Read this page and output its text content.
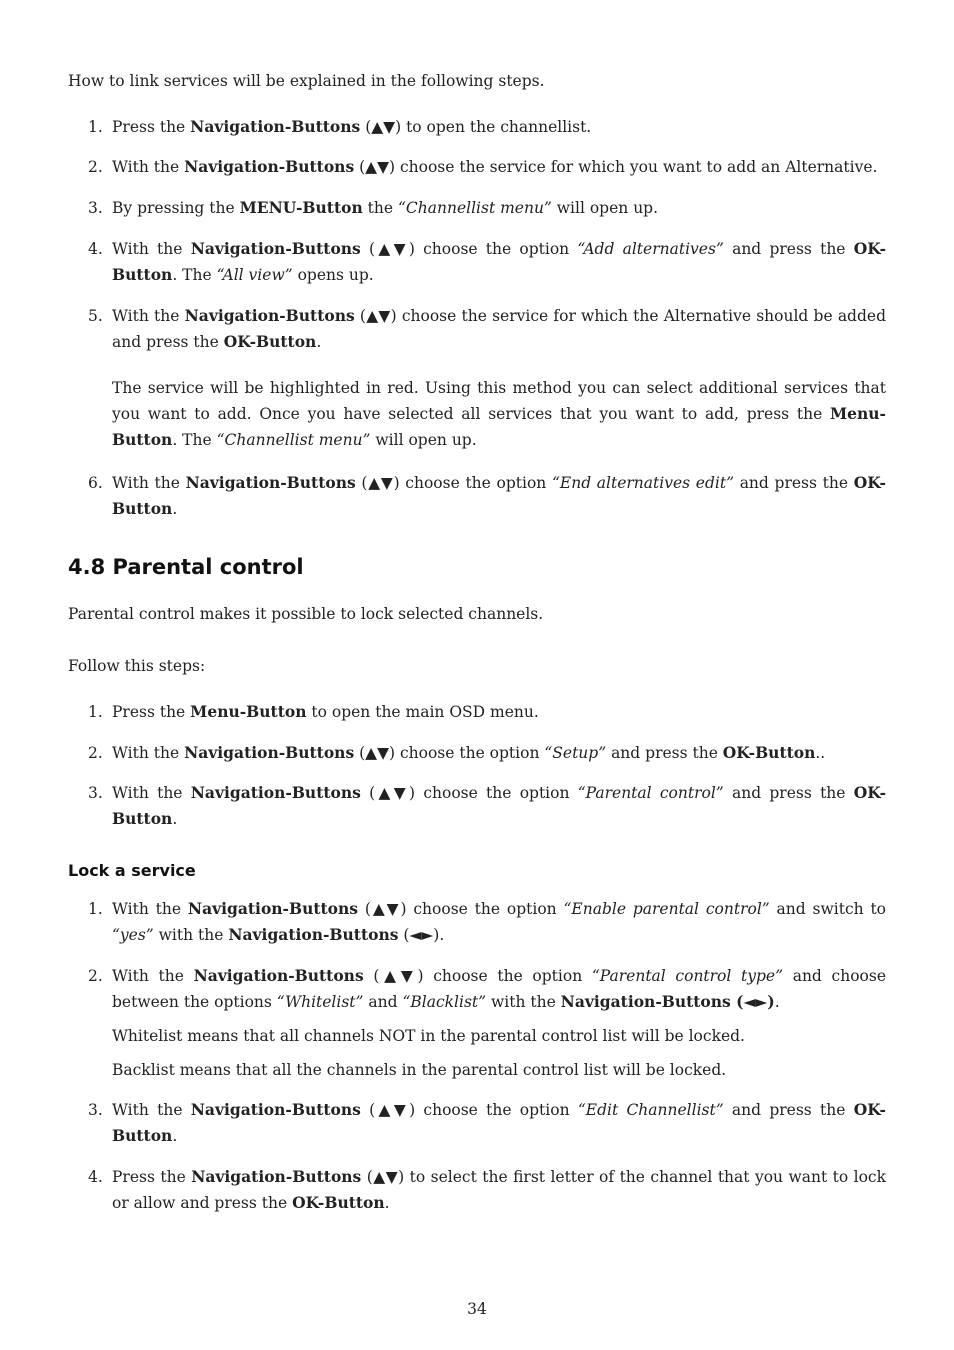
How to link services will be explained in the following steps.

1. Press the Navigation-Buttons (▲▼) to open the channellist.
2. With the Navigation-Buttons (▲▼) choose the service for which you want to add an Alternative.
3. By pressing the MENU-Button the “Channellist menu” will open up.
4. With the Navigation-Buttons (▲▼) choose the option “Add alternatives” and press the OK-Button. The “All view” opens up.
5. With the Navigation-Buttons (▲▼) choose the service for which the Alternative should be added and press the OK-Button.

The service will be highlighted in red. Using this method you can select additional services that you want to add. Once you have selected all services that you want to add, press the Menu-Button. The “Channellist menu” will open up.

6. With the Navigation-Buttons (▲▼) choose the option “End alternatives edit” and press the OK-Button.
4.8 Parental control

Parental control makes it possible to lock selected channels.

Follow this steps:

1. Press the Menu-Button to open the main OSD menu.
2. With the Navigation-Buttons (▲▼) choose the option “Setup” and press the OK-Button..
3. With the Navigation-Buttons (▲▼) choose the option “Parental control” and press the OK-Button.
Lock a service
1. With the Navigation-Buttons (▲▼) choose the option “Enable parental control” and switch to “yes” with the Navigation-Buttons (◄►).
2. With the Navigation-Buttons (▲▼) choose the option “Parental control type” and choose between the options “Whitelist” and “Blacklist” with the Navigation-Buttons (◄►).

Whitelist means that all channels NOT in the parental control list will be locked.

Backlist means that all the channels in the parental control list will be locked.

3. With the Navigation-Buttons (▲▼) choose the option “Edit Channellist” and press the OK-Button.
4. Press the Navigation-Buttons (▲▼) to select the first letter of the channel that you want to lock or allow and press the OK-Button.
34
